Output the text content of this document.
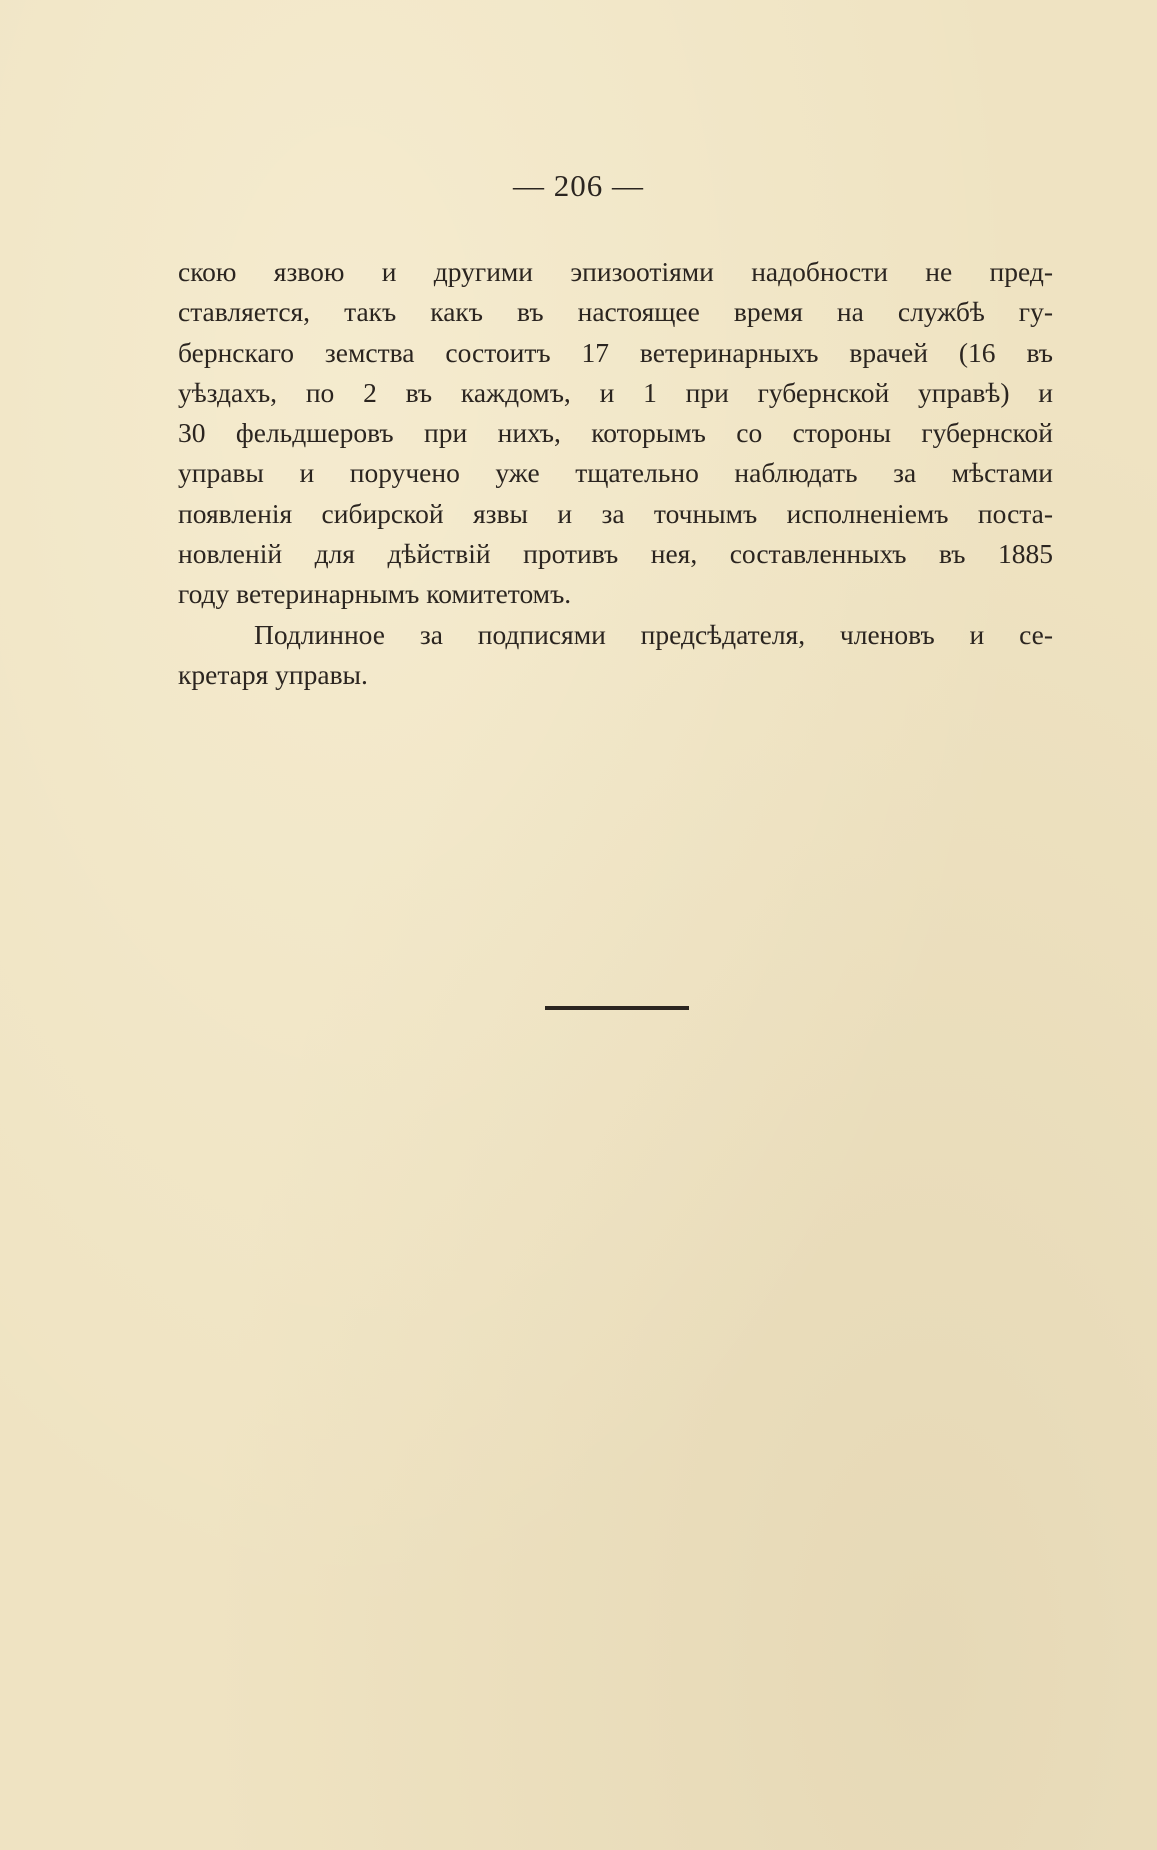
— 206 —
скою язвою и другими эпизоотіями надобности не пред-
ставляется, такъ какъ въ настоящее время на службѣ гу-
бернскаго земства состоитъ 17 ветеринарныхъ врачей (16 въ
уѣздахъ, по 2 въ каждомъ, и 1 при губернской управѣ) и
30 фельдшеровъ при нихъ, которымъ со стороны губернской
управы и поручено уже тщательно наблюдать за мѣстами
появленія сибирской язвы и за точнымъ исполненіемъ поста-
новленій для дѣйствій противъ нея, составленныхъ въ 1885
году ветеринарнымъ комитетомъ.
Подлинное за подписями предсѣдателя, членовъ и се-
кретаря управы.
